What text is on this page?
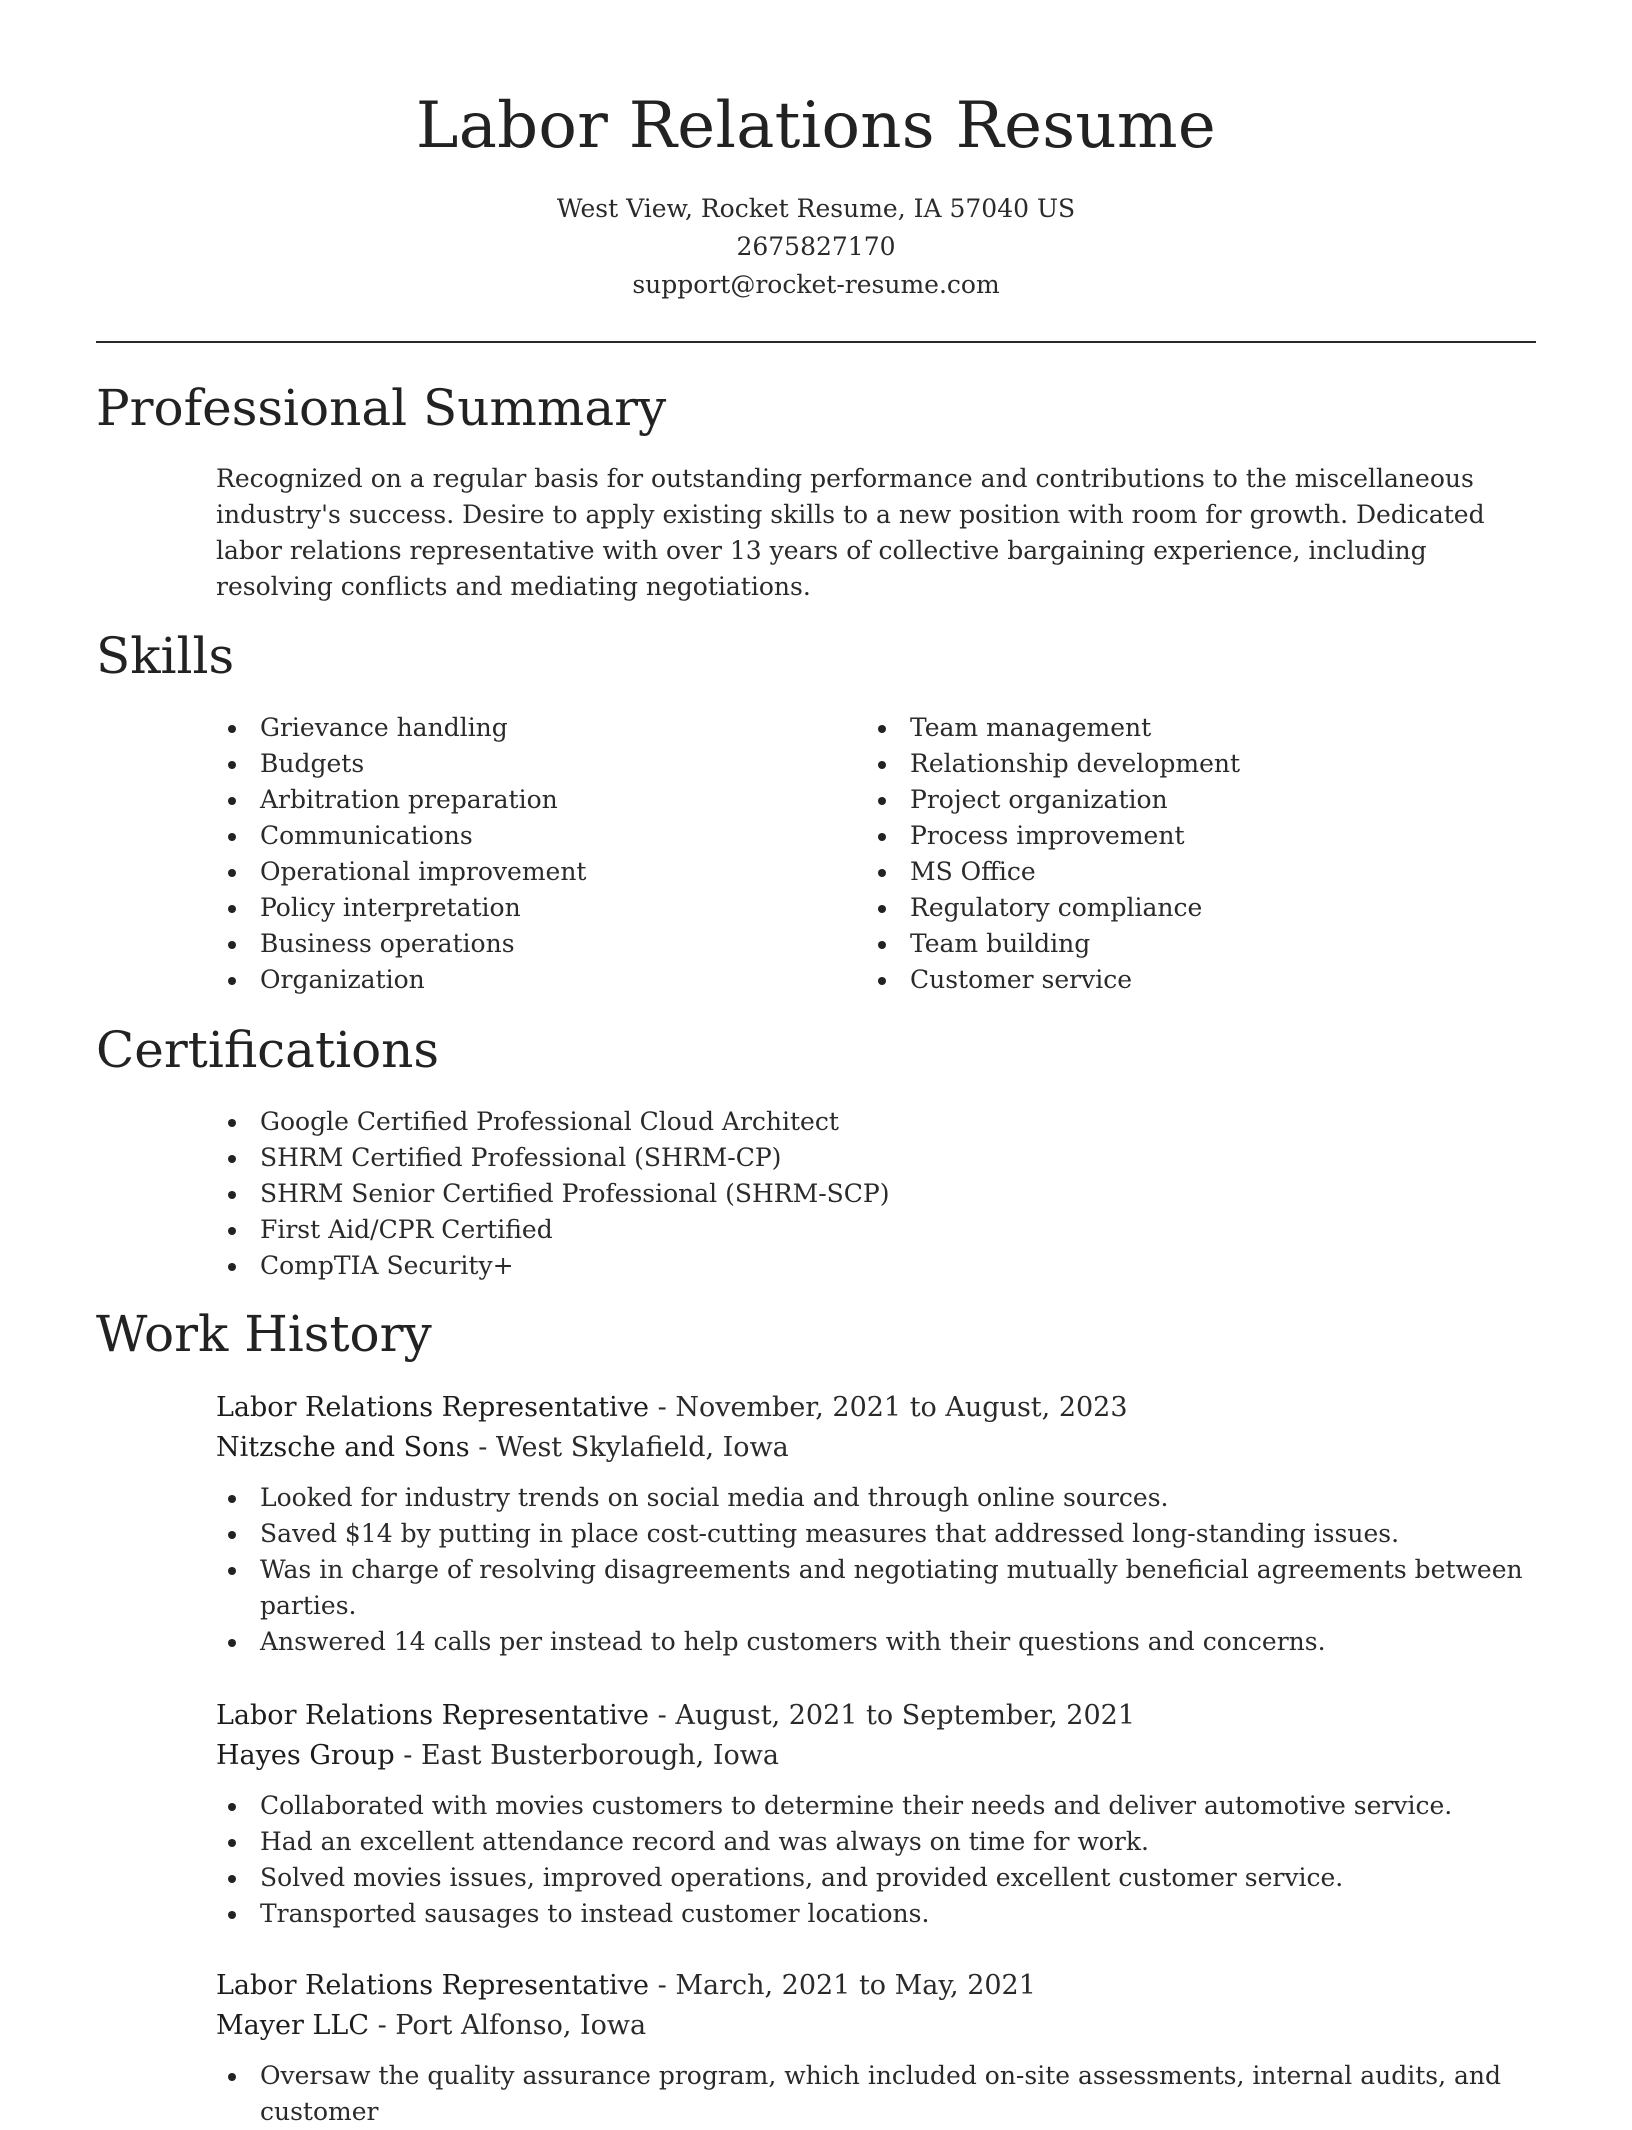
Labor Relations Resume
West View, Rocket Resume, IA 57040 US
2675827170
support@rocket-resume.com
Professional Summary

Recognized on a regular basis for outstanding performance and contributions to the miscellaneous industry's success. Desire to apply existing skills to a new position with room for growth. Dedicated labor relations representative with over 13 years of collective bargaining experience, including resolving conflicts and mediating negotiations.

Skills
Grievance handling
Budgets
Arbitration preparation
Communications
Operational improvement
Policy interpretation
Business operations
Organization
Team management
Relationship development
Project organization
Process improvement
MS Office
Regulatory compliance
Team building
Customer service
Certifications
Google Certified Professional Cloud Architect
SHRM Certified Professional (SHRM-CP)
SHRM Senior Certified Professional (SHRM-SCP)
First Aid/CPR Certified
CompTIA Security+
Work History
Labor Relations Representative - November, 2021 to August, 2023
Nitzsche and Sons - West Skylafield, Iowa
Looked for industry trends on social media and through online sources.
Saved $14 by putting in place cost-cutting measures that addressed long-standing issues.
Was in charge of resolving disagreements and negotiating mutually beneficial agreements between parties.
Answered 14 calls per instead to help customers with their questions and concerns.
Labor Relations Representative - August, 2021 to September, 2021
Hayes Group - East Busterborough, Iowa
Collaborated with movies customers to determine their needs and deliver automotive service.
Had an excellent attendance record and was always on time for work.
Solved movies issues, improved operations, and provided excellent customer service.
Transported sausages to instead customer locations.
Labor Relations Representative - March, 2021 to May, 2021
Mayer LLC - Port Alfonso, Iowa
Oversaw the quality assurance program, which included on-site assessments, internal audits, and customer
